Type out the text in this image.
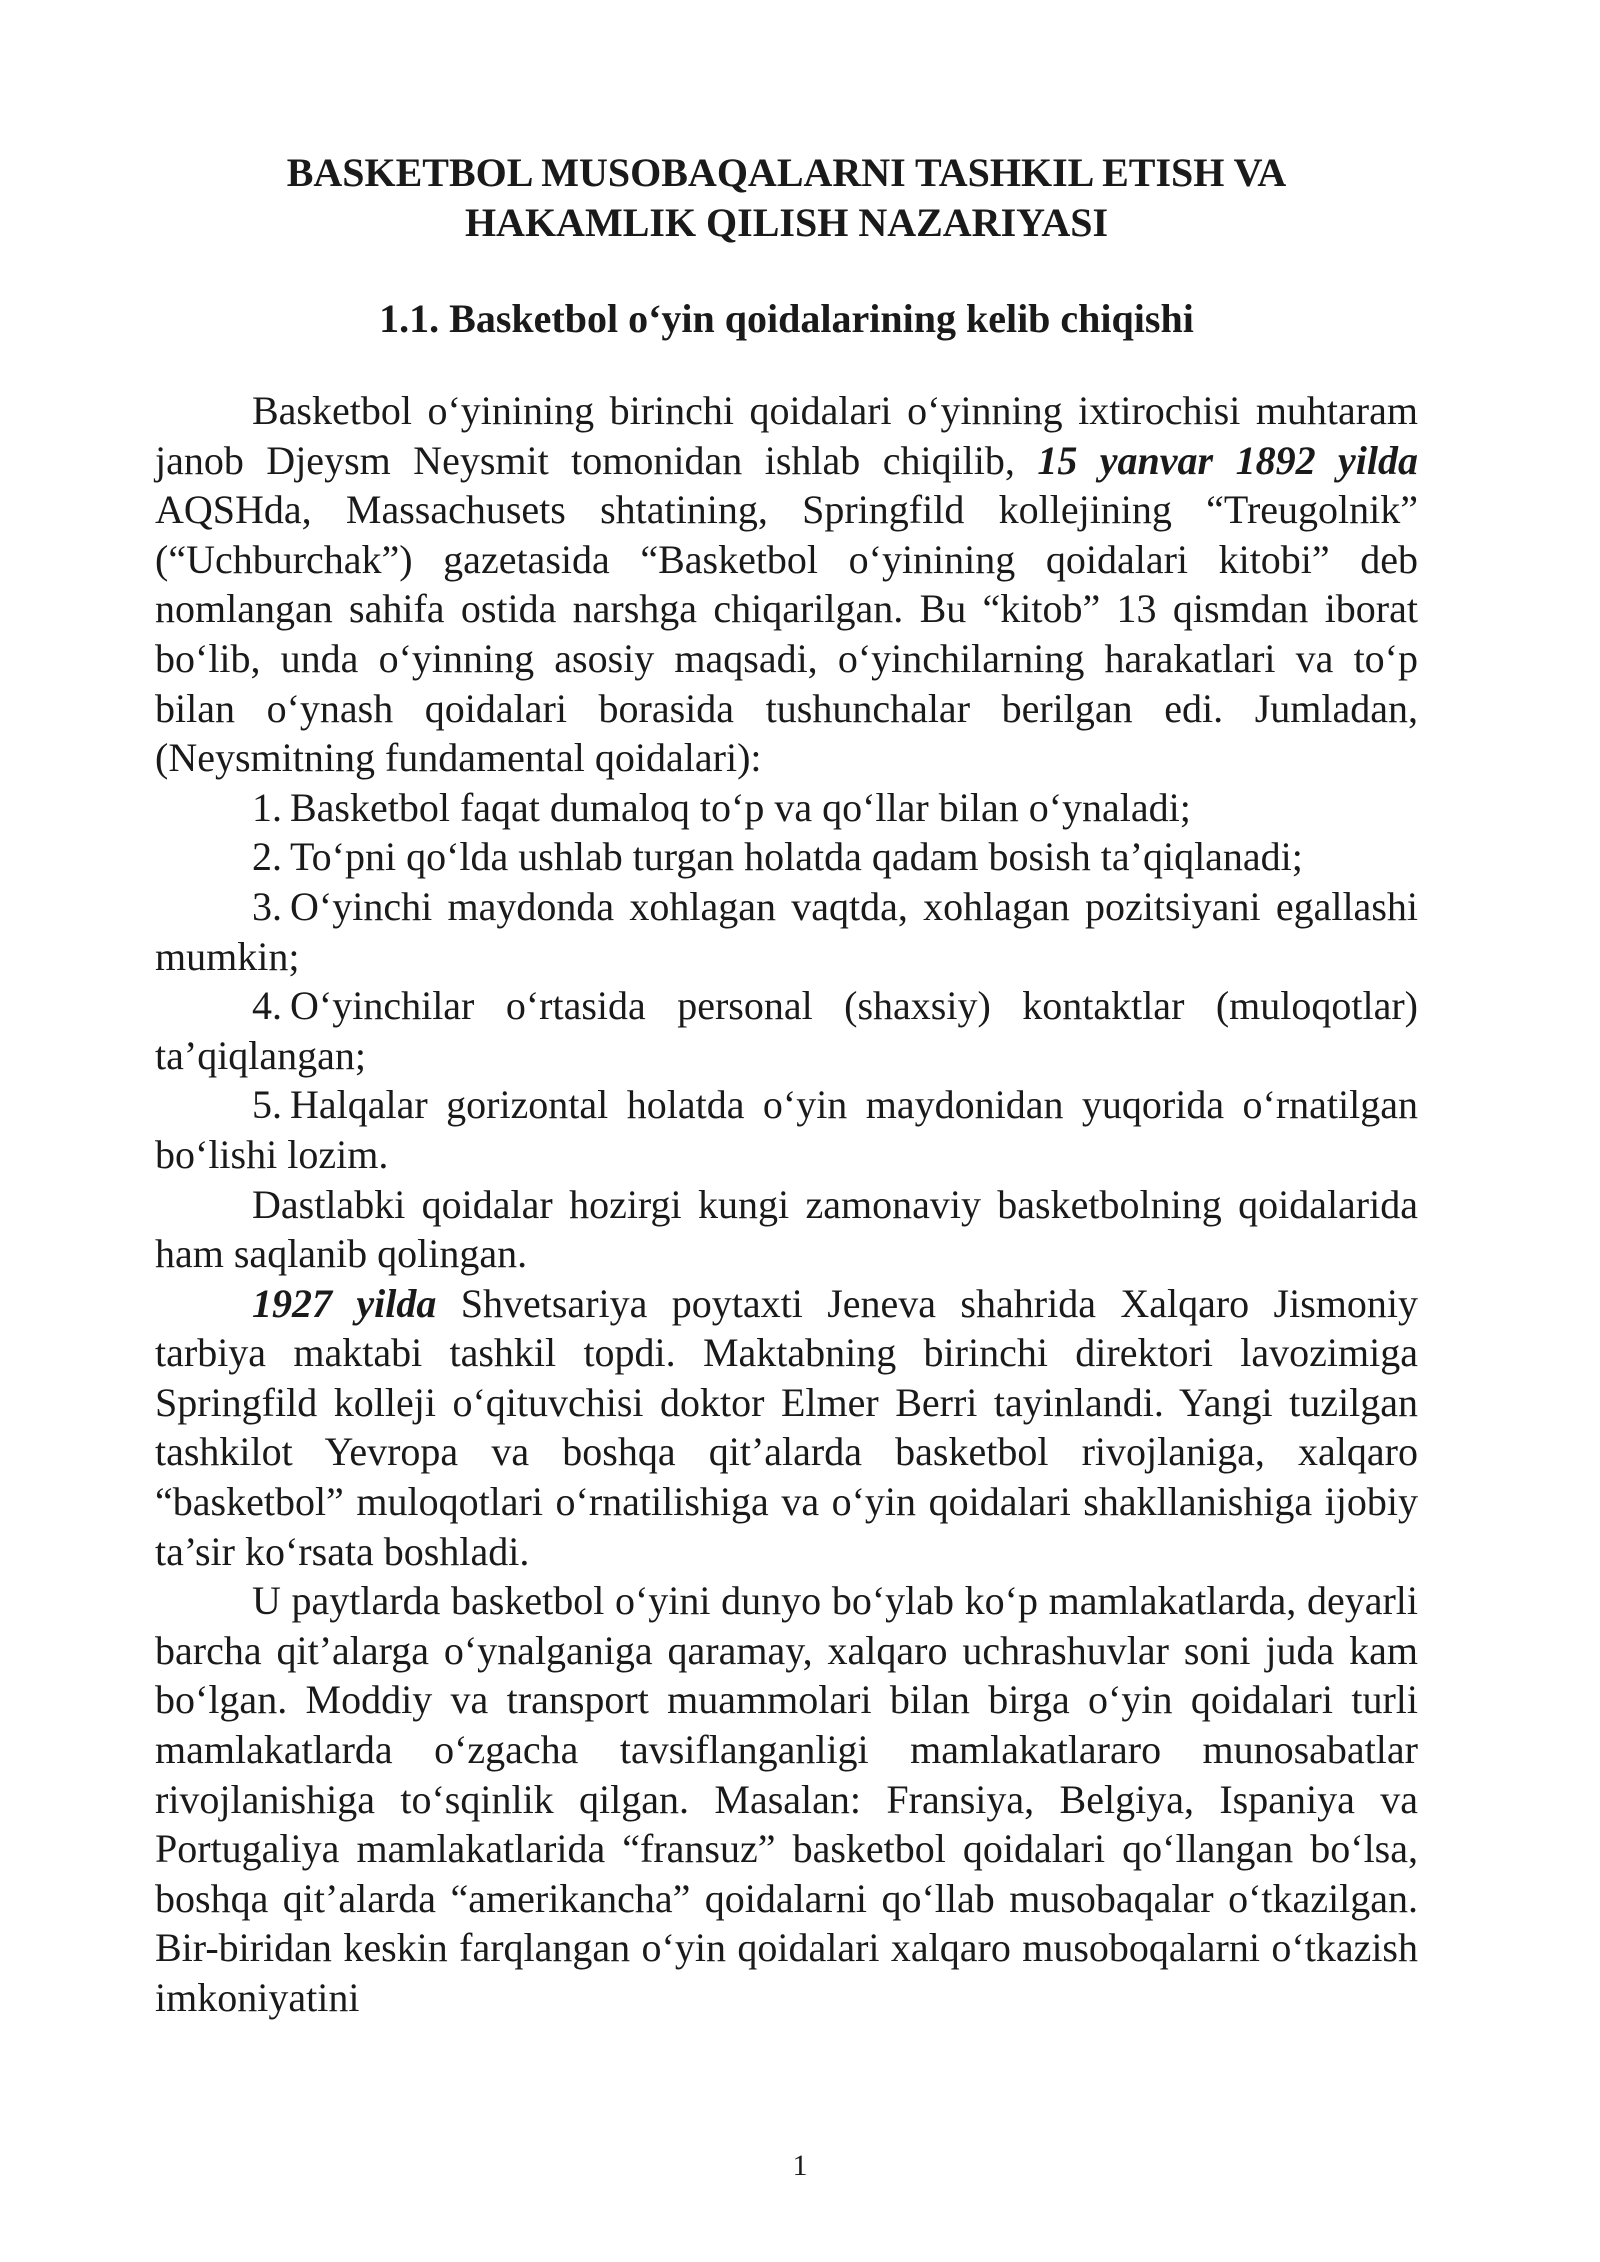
BASKETBOL MUSOBAQALARNI TASHKIL ETISH VA
HAKAMLIK QILISH NAZARIYASI
1.1. Basketbol o‘yin qoidalarining kelib chiqishi

Basketbol o‘yinining birinchi qoidalari o‘yinning ixtirochisi muhtaram janob Djeysm Neysmit tomonidan ishlab chiqilib, 15 yanvar 1892 yilda AQSHda, Massachusets shtatining, Springfild kollejining “Treugolnik” (“Uchburchak”) gazetasida “Basketbol o‘yinining qoidalari kitobi” deb nomlangan sahifa ostida narshga chiqarilgan. Bu “kitob” 13 qismdan iborat bo‘lib, unda o‘yinning asosiy maqsadi, o‘yinchilarning harakatlari va to‘p bilan o‘ynash qoidalari borasida tushunchalar berilgan edi. Jumladan, (Neysmitning fundamental qoidalari):

1. Basketbol faqat dumaloq to‘p va qo‘llar bilan o‘ynaladi;
2. To‘pni qo‘lda ushlab turgan holatda qadam bosish ta’qiqlanadi;
3. O‘yinchi maydonda xohlagan vaqtda, xohlagan pozitsiyani egallashi mumkin;
4. O‘yinchilar o‘rtasida personal (shaxsiy) kontaktlar (muloqotlar) ta’qiqlangan;
5. Halqalar gorizontal holatda o‘yin maydonidan yuqorida o‘rnatilgan bo‘lishi lozim.

Dastlabki qoidalar hozirgi kungi zamonaviy basketbolning qoidalarida ham saqlanib qolingan.

1927 yilda Shvetsariya poytaxti Jeneva shahrida Xalqaro Jismoniy tarbiya maktabi tashkil topdi. Maktabning birinchi direktori lavozimiga Springfild kolleji o‘qituvchisi doktor Elmer Berri tayinlandi. Yangi tuzilgan tashkilot Yevropa va boshqa qit’alarda basketbol rivojlaniga, xalqaro “basketbol” muloqotlari o‘rnatilishiga va o‘yin qoidalari shakllanishiga ijobiy ta’sir ko‘rsata boshladi.

U paytlarda basketbol o‘yini dunyo bo‘ylab ko‘p mamlakatlarda, deyarli barcha qit’alarga o‘ynalganiga qaramay, xalqaro uchrashuvlar soni juda kam bo‘lgan. Moddiy va transport muammolari bilan birga o‘yin qoidalari turli mamlakatlarda o‘zgacha tavsiflanganligi mamlakatlararo munosabatlar rivojlanishiga to‘sqinlik qilgan. Masalan: Fransiya, Belgiya, Ispaniya va Portugaliya mamlakatlarida “fransuz” basketbol qoidalari qo‘llangan bo‘lsa, boshqa qit’alarda “amerikancha” qoidalarni qo‘llab musobaqalar o‘tkazilgan. Bir-biridan keskin farqlangan o‘yin qoidalari xalqaro musoboqalarni o‘tkazish imkoniyatini

1
